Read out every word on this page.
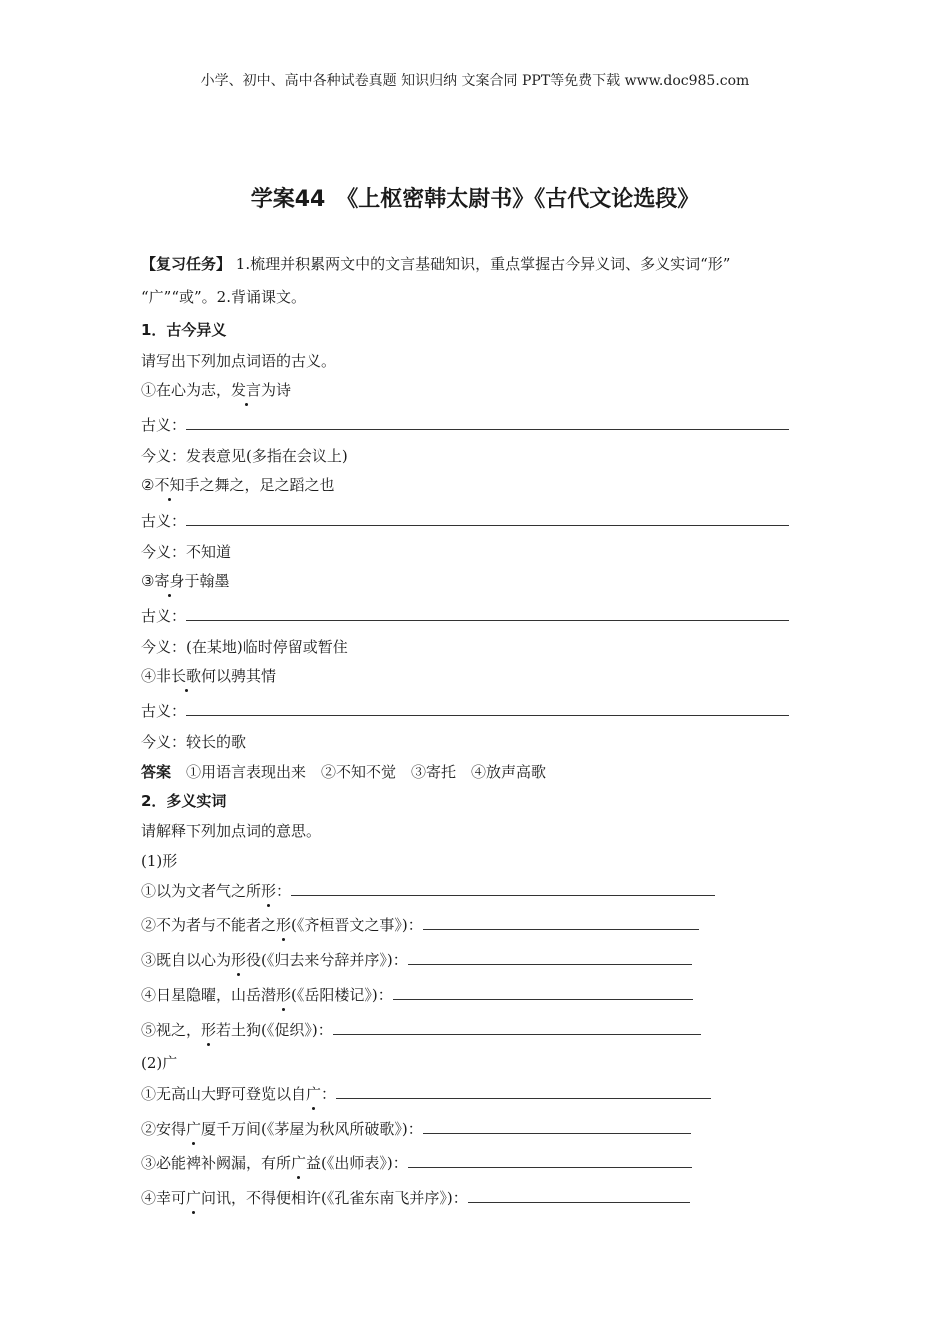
小学、初中、高中各种试卷真题 知识归纳 文案合同 PPT等免费下载 www.doc985.com
学案44　《上枢密韩太尉书》《古代文论选段》
【复习任务】 1.梳理并积累两文中的文言基础知识，重点掌握古今异义词、多义实词“形”
“广”“或”。2.背诵课文。
1．古今异义
请写出下列加点词语的古义。
①在心为志，发言为诗
古义：
今义：发表意见(多指在会议上)
②不知手之舞之，足之蹈之也
古义：
今义：不知道
③寄身于翰墨
古义：
今义：(在某地)临时停留或暂住
④非长歌何以骋其情
古义：
今义：较长的歌
答案　 ①用语言表现出来　②不知不觉　③寄托　④放声高歌
2．多义实词
请解释下列加点词的意思。
(1)形
①以为文者气之所形：
②不为者与不能者之形(《齐桓晋文之事》)：
③既自以心为形役(《归去来兮辞并序》)：
④日星隐曜，山岳潜形(《岳阳楼记》)：
⑤视之，形若土狗(《促织》)：
(2)广
①无高山大野可登览以自广：
②安得广厦千万间(《茅屋为秋风所破歌》)：
③必能裨补阙漏，有所广益(《出师表》)：
④幸可广问讯，不得便相许(《孔雀东南飞并序》)：
